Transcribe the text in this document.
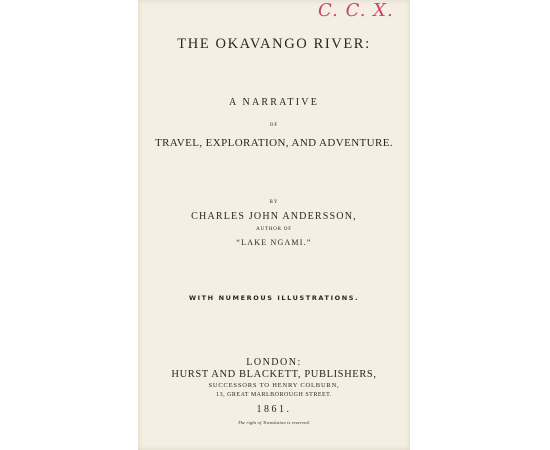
THE OKAVANGO RIVER:
A NARRATIVE
OF
TRAVEL, EXPLORATION, AND ADVENTURE.
BY
CHARLES JOHN ANDERSSON,
AUTHOR OF
“LAKE NGAMI.”
WITH NUMEROUS ILLUSTRATIONS.
LONDON:
HURST AND BLACKETT, PUBLISHERS,
SUCCESSORS TO HENRY COLBURN,
13, GREAT MARLBOROUGH STREET.
1861.
The right of Translation is reserved.
C. C. X.
